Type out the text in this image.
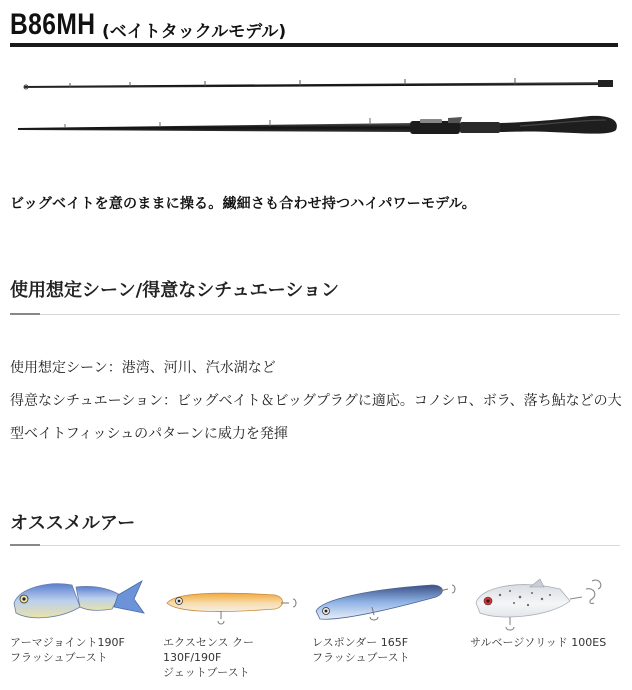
B86MH (ベイトタックルモデル)
ビッグベイトを意のままに操る。繊細さも合わせ持つハイパワーモデル。
使用想定シーン/得意なシチュエーション
使用想定シーン：港湾、河川、汽水湖など
得意なシチュエーション：ビッグベイト＆ビッグプラグに適応。コノシロ、ボラ、落ち鮎などの大
型ベイトフィッシュのパターンに威力を発揮
オススメルアー
アーマジョイント190F
フラッシュブースト
エクスセンス クー
130F/190F
ジェットブースト
レスポンダー 165F
フラッシュブースト
サルベージソリッド 100ES
